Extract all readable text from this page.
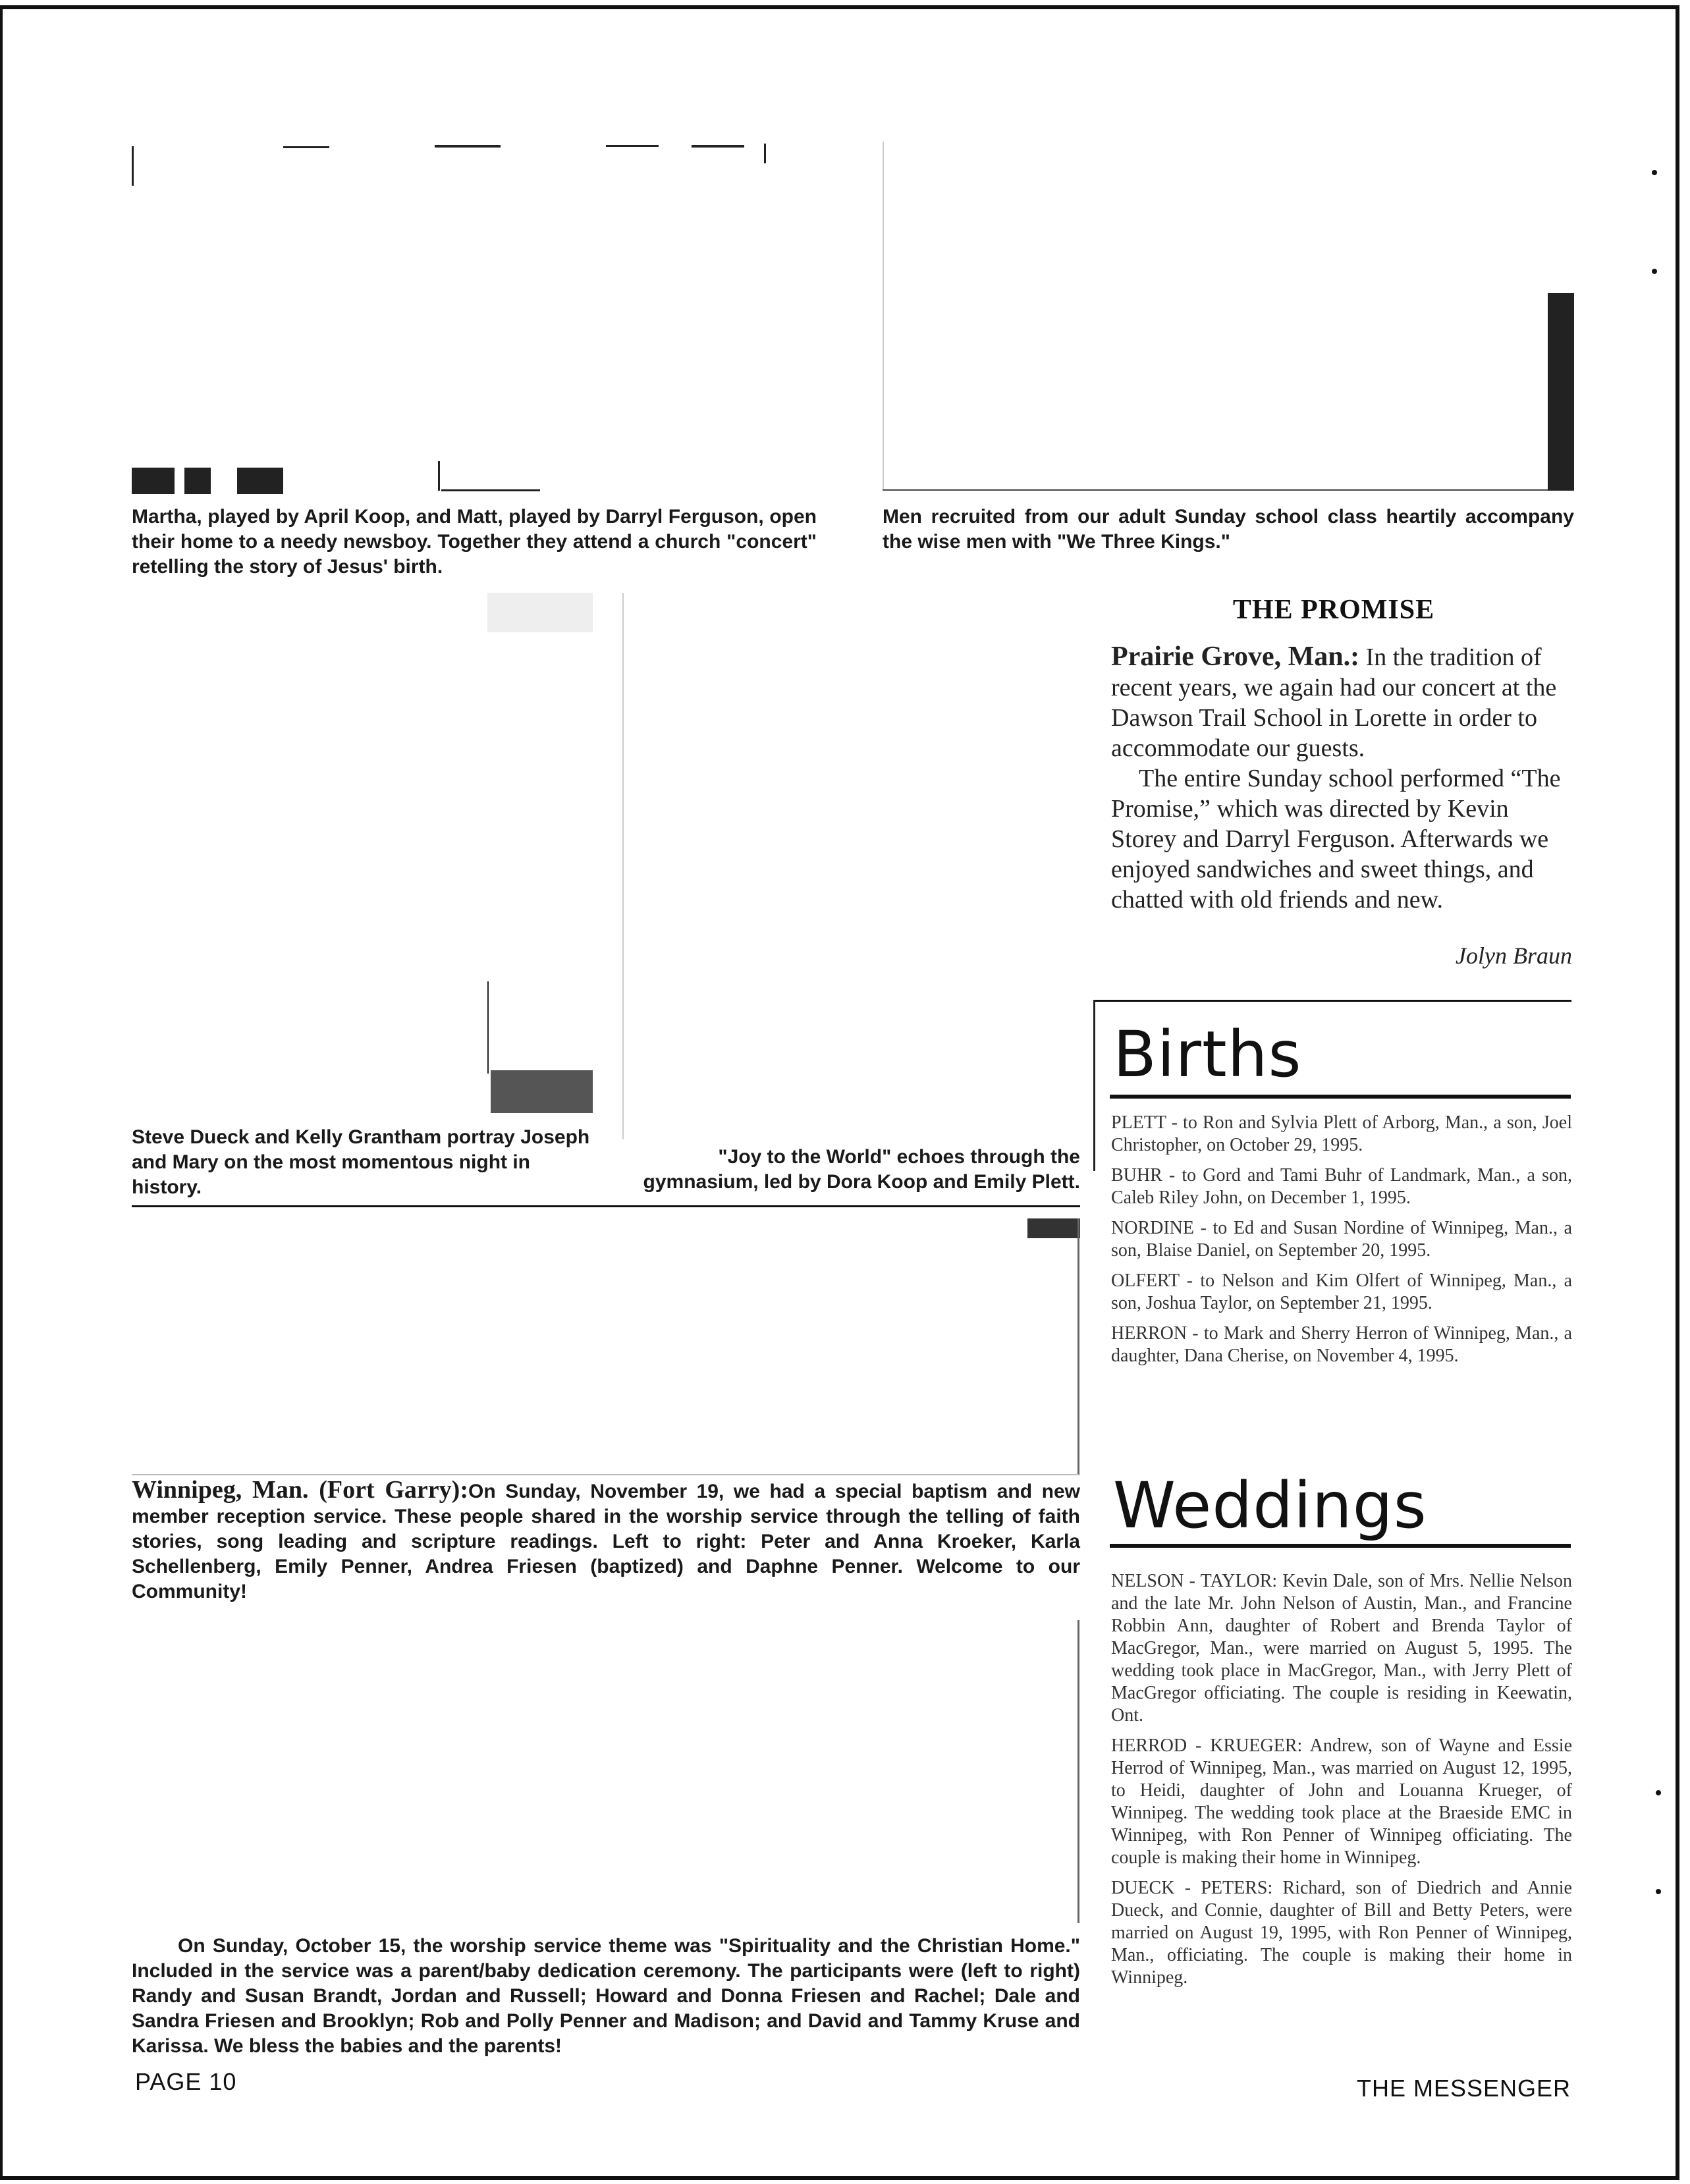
Martha, played by April Koop, and Matt, played by Darryl Ferguson, open their home to a needy newsboy. Together they attend a church "concert" retelling the story of Jesus' birth.

Men recruited from our adult Sunday school class heartily accompany the wise men with "We Three Kings."

Steve Dueck and Kelly Grantham portray Joseph and Mary on the most momentous night in history.

"Joy to the World" echoes through the gymnasium, led by Dora Koop and Emily Plett.

Winnipeg, Man. (Fort Garry):On Sunday, November 19, we had a special baptism and new member reception service. These people shared in the worship service through the telling of faith stories, song leading and scripture readings. Left to right: Peter and Anna Kroeker, Karla Schellenberg, Emily Penner, Andrea Friesen (baptized) and Daphne Penner. Welcome to our Community!

On Sunday, October 15, the worship service theme was "Spirituality and the Christian Home." Included in the service was a parent/baby dedication ceremony. The participants were (left to right) Randy and Susan Brandt, Jordan and Russell; Howard and Donna Friesen and Rachel; Dale and Sandra Friesen and Brooklyn; Rob and Polly Penner and Madison; and David and Tammy Kruse and Karissa. We bless the babies and the parents!

THE PROMISE

Prairie Grove, Man.: In the tradition of recent years, we again had our concert at the Dawson Trail School in Lorette in order to accommodate our guests.

The entire Sunday school performed “The Promise,” which was directed by Kevin Storey and Darryl Ferguson. Afterwards we enjoyed sandwiches and sweet things, and chatted with old friends and new.

Jolyn Braun
Births

PLETT - to Ron and Sylvia Plett of Arborg, Man., a son, Joel Christopher, on October 29, 1995.

BUHR - to Gord and Tami Buhr of Landmark, Man., a son, Caleb Riley John, on December 1, 1995.

NORDINE - to Ed and Susan Nordine of Winnipeg, Man., a son, Blaise Daniel, on September 20, 1995.

OLFERT - to Nelson and Kim Olfert of Winnipeg, Man., a son, Joshua Taylor, on September 21, 1995.

HERRON - to Mark and Sherry Herron of Winnipeg, Man., a daughter, Dana Cherise, on November 4, 1995.

Weddings

NELSON - TAYLOR: Kevin Dale, son of Mrs. Nellie Nelson and the late Mr. John Nelson of Austin, Man., and Francine Robbin Ann, daughter of Robert and Brenda Taylor of MacGregor, Man., were married on August 5, 1995. The wedding took place in MacGregor, Man., with Jerry Plett of MacGregor officiating. The couple is residing in Keewatin, Ont.

HERROD - KRUEGER: Andrew, son of Wayne and Essie Herrod of Winnipeg, Man., was married on August 12, 1995, to Heidi, daughter of John and Louanna Krueger, of Winnipeg. The wedding took place at the Braeside EMC in Winnipeg, with Ron Penner of Winnipeg officiating. The couple is making their home in Winnipeg.

DUECK - PETERS: Richard, son of Diedrich and Annie Dueck, and Connie, daughter of Bill and Betty Peters, were married on August 19, 1995, with Ron Penner of Winnipeg, Man., officiating. The couple is making their home in Winnipeg.

PAGE 10	THE MESSENGER
